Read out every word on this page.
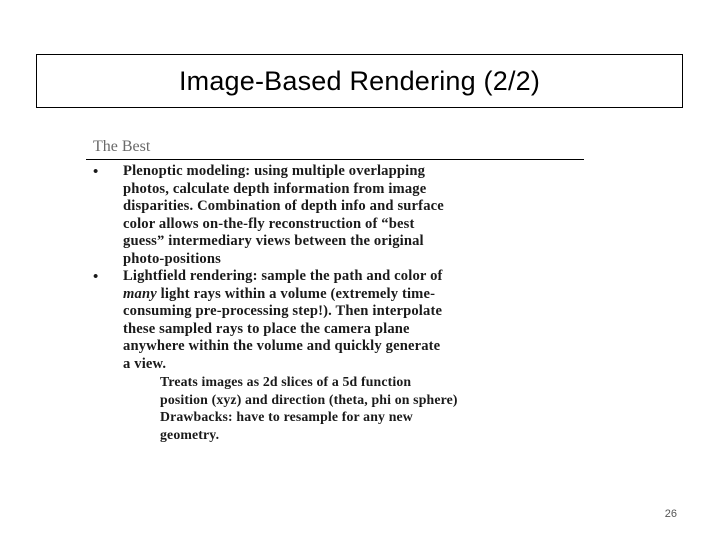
Image-Based Rendering (2/2)
The Best
• Plenoptic modeling: using multiple overlapping
photos, calculate depth information from image
disparities. Combination of depth info and surface
color allows on-the-fly reconstruction of “best
guess” intermediary views between the original
photo-positions
• Lightfield rendering: sample the path and color of
many light rays within a volume (extremely time-
consuming pre-processing step!). Then interpolate
these sampled rays to place the camera plane
anywhere within the volume and quickly generate
a view.
Treats images as 2d slices of a 5d function
position (xyz) and direction (theta, phi on sphere)
Drawbacks: have to resample for any new
geometry.
26
